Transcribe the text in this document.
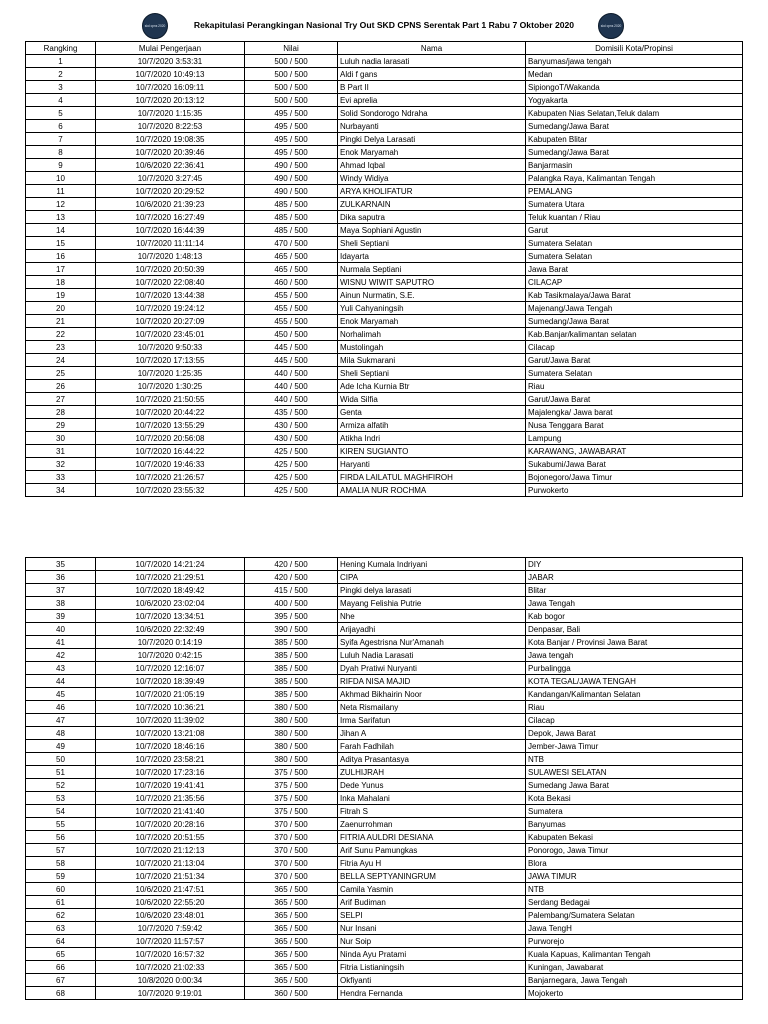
skd cpns 2020	Rekapitulasi Perangkingan Nasional Try Out SKD CPNS Serentak Part 1 Rabu 7 Oktober 2020	skd cpns 2020
Rangking	Mulai Pengerjaan	Nilai	Nama	Domisili Kota/Propinsi
1	10/7/2020 3:53:31	500 / 500	Luluh nadia larasati	Banyumas/jawa tengah
2	10/7/2020 10:49:13	500 / 500	Aldi f gans	Medan
3	10/7/2020 16:09:11	500 / 500	B Part II	SipiongoT/Wakanda
4	10/7/2020 20:13:12	500 / 500	Evi aprelia	Yogyakarta
5	10/7/2020 1:15:35	495 / 500	Solid Sondorogo Ndraha	Kabupaten Nias Selatan,Teluk dalam
6	10/7/2020 8:22:53	495 / 500	Nurbayanti	Sumedang/Jawa Barat
7	10/7/2020 19:08:35	495 / 500	Pingki Delya Larasati	Kabupaten Blitar
8	10/7/2020 20:39:46	495 / 500	Enok Maryamah	Sumedang/Jawa Barat
9	10/6/2020 22:36:41	490 / 500	Ahmad Iqbal	Banjarmasin
10	10/7/2020 3:27:45	490 / 500	Windy Widiya	Palangka Raya, Kalimantan Tengah
11	10/7/2020 20:29:52	490 / 500	ARYA KHOLIFATUR	PEMALANG
12	10/6/2020 21:39:23	485 / 500	ZULKARNAIN	Sumatera Utara
13	10/7/2020 16:27:49	485 / 500	Dika saputra	Teluk kuantan / Riau
14	10/7/2020 16:44:39	485 / 500	Maya Sophiani Agustin	Garut
15	10/7/2020 11:11:14	470 / 500	Sheli Septiani	Sumatera Selatan
16	10/7/2020 1:48:13	465 / 500	Idayarta	Sumatera Selatan
17	10/7/2020 20:50:39	465 / 500	Nurmala Septiani	Jawa Barat
18	10/7/2020 22:08:40	460 / 500	WISNU WIWIT SAPUTRO	CILACAP
19	10/7/2020 13:44:38	455 / 500	Ainun Nurmatin, S.E.	Kab Tasikmalaya/Jawa Barat
20	10/7/2020 19:24:12	455 / 500	Yuli Cahyaningsih	Majenang/Jawa Tengah
21	10/7/2020 20:27:09	455 / 500	Enok Maryamah	Sumedang/Jawa Barat
22	10/7/2020 23:45:01	450 / 500	Norhalimah	Kab.Banjar/kalimantan selatan
23	10/7/2020 9:50:33	445 / 500	Mustolingah	Cilacap
24	10/7/2020 17:13:55	445 / 500	Mila Sukmarani	Garut/Jawa Barat
25	10/7/2020 1:25:35	440 / 500	Sheli Septiani	Sumatera Selatan
26	10/7/2020 1:30:25	440 / 500	Ade Icha Kurnia Btr	Riau
27	10/7/2020 21:50:55	440 / 500	Wida Silfia	Garut/Jawa Barat
28	10/7/2020 20:44:22	435 / 500	Genta	Majalengka/ Jawa barat
29	10/7/2020 13:55:29	430 / 500	Armiza alfatih	Nusa Tenggara Barat
30	10/7/2020 20:56:08	430 / 500	Atikha Indri	Lampung
31	10/7/2020 16:44:22	425 / 500	KIREN SUGIANTO	KARAWANG, JAWABARAT
32	10/7/2020 19:46:33	425 / 500	Haryanti	Sukabumi/Jawa Barat
33	10/7/2020 21:26:57	425 / 500	FIRDA LAILATUL MAGHFIROH	Bojonegoro/Jawa Timur
34	10/7/2020 23:55:32	425 / 500	AMALIA NUR ROCHMA	Purwokerto
35	10/7/2020 14:21:24	420 / 500	Hening Kumala Indriyani	DIY
36	10/7/2020 21:29:51	420 / 500	CIPA	JABAR
37	10/7/2020 18:49:42	415 / 500	Pingki delya larasati	Blitar
38	10/6/2020 23:02:04	400 / 500	Mayang Felishia Putrie	Jawa Tengah
39	10/7/2020 13:34:51	395 / 500	Nhe	Kab bogor
40	10/6/2020 22:32:49	390 / 500	Arijayadhi	Denpasar, Bali
41	10/7/2020 0:14:19	385 / 500	Syifa Agestrisna Nur'Amanah	Kota Banjar / Provinsi Jawa Barat
42	10/7/2020 0:42:15	385 / 500	Luluh Nadia Larasati	Jawa tengah
43	10/7/2020 12:16:07	385 / 500	Dyah Pratiwi Nuryanti	Purbalingga
44	10/7/2020 18:39:49	385 / 500	RIFDA NISA MAJID	KOTA TEGAL/JAWA TENGAH
45	10/7/2020 21:05:19	385 / 500	Akhmad Bikhairin Noor	Kandangan/Kalimantan Selatan
46	10/7/2020 10:36:21	380 / 500	Neta Rismailany	Riau
47	10/7/2020 11:39:02	380 / 500	Irma Sarifatun	Cilacap
48	10/7/2020 13:21:08	380 / 500	Jihan A	Depok, Jawa Barat
49	10/7/2020 18:46:16	380 / 500	Farah Fadhilah	Jember-Jawa Timur
50	10/7/2020 23:58:21	380 / 500	Aditya Prasantasya	NTB
51	10/7/2020 17:23:16	375 / 500	ZULHIJRAH	SULAWESI SELATAN
52	10/7/2020 19:41:41	375 / 500	Dede Yunus	Sumedang Jawa Barat
53	10/7/2020 21:35:56	375 / 500	Inka Mahalani	Kota Bekasi
54	10/7/2020 21:41:40	375 / 500	Fitrah S	Sumatera
55	10/7/2020 20:28:16	370 / 500	Zaenurrohman	Banyumas
56	10/7/2020 20:51:55	370 / 500	FITRIA AULDRI DESIANA	Kabupaten Bekasi
57	10/7/2020 21:12:13	370 / 500	Arif Sunu Pamungkas	Ponorogo, Jawa Timur
58	10/7/2020 21:13:04	370 / 500	Fitria Ayu H	Blora
59	10/7/2020 21:51:34	370 / 500	BELLA SEPTYANINGRUM	JAWA TIMUR
60	10/6/2020 21:47:51	365 / 500	Camila Yasmin	NTB
61	10/6/2020 22:55:20	365 / 500	Arif Budiman	Serdang Bedagai
62	10/6/2020 23:48:01	365 / 500	SELPI	Palembang/Sumatera Selatan
63	10/7/2020 7:59:42	365 / 500	Nur Insani	Jawa TengH
64	10/7/2020 11:57:57	365 / 500	Nur Soip	Purworejo
65	10/7/2020 16:57:32	365 / 500	Ninda Ayu Pratami	Kuala Kapuas, Kalimantan Tengah
66	10/7/2020 21:02:33	365 / 500	Fitria Listianingsih	Kuningan, Jawabarat
67	10/8/2020 0:00:34	365 / 500	Okfiyanti	Banjarnegara, Jawa Tengah
68	10/7/2020 9:19:01	360 / 500	Hendra Fernanda	Mojokerto
